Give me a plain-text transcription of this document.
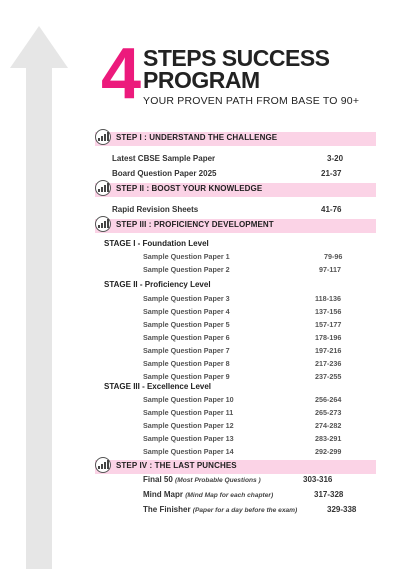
4 STEPS SUCCESS
PROGRAM
YOUR PROVEN PATH FROM BASE TO 90+
STEP I : UNDERSTAND THE CHALLENGE
Latest CBSE Sample Paper	3-20
Board Question Paper 2025	21-37
STEP II : BOOST YOUR KNOWLEDGE
Rapid Revision Sheets	41-76
STEP III : PROFICIENCY DEVELOPMENT
STAGE I - Foundation Level
Sample Question Paper 1	79-96
Sample Question Paper 2	97-117
STAGE II - Proficiency Level
Sample Question Paper 3	118-136
Sample Question Paper 4	137-156
Sample Question Paper 5	157-177
Sample Question Paper 6	178-196
Sample Question Paper 7	197-216
Sample Question Paper 8	217-236
Sample Question Paper 9	237-255
STAGE III - Excellence Level
Sample Question Paper 10	256-264
Sample Question Paper 11	265-273
Sample Question Paper 12	274-282
Sample Question Paper 13	283-291
Sample Question Paper 14	292-299
STEP IV : THE LAST PUNCHES
Final 50 (Most Probable Questions )	303-316
Mind Mapr (Mind Map for each chapter)	317-328
The Finisher (Paper for a day before the exam)	329-338
